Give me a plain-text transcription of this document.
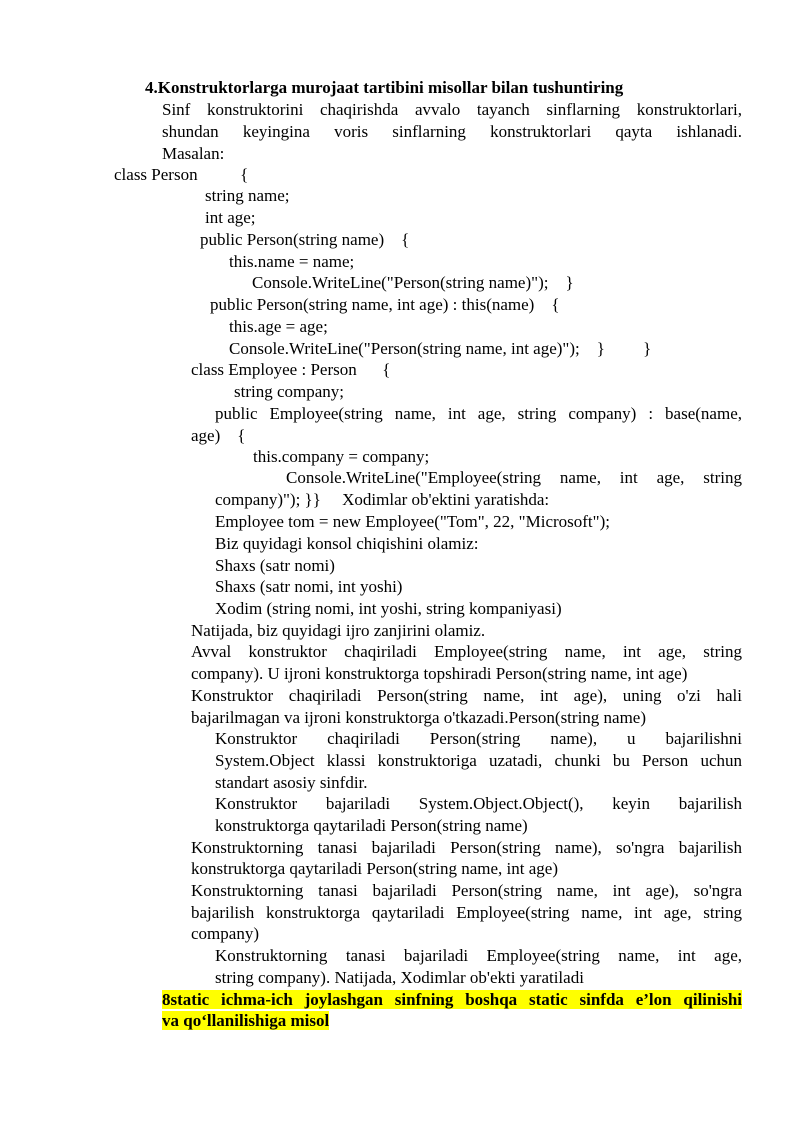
4.Konstruktorlarga murojaat tartibini misollar bilan tushuntiring
Sinf konstruktorini chaqirishda avvalo tayanch sinflarning konstruktorlari,
shundan keyingina voris sinflarning konstruktorlari qayta ishlanadi.
Masalan:
class Person          {
string name;
int age;
public Person(string name)    {
this.name = name;
Console.WriteLine("Person(string name)");    }
public Person(string name, int age) : this(name)    {
this.age = age;
Console.WriteLine("Person(string name, int age)");    }         }
class Employee : Person      {
string company;
public Employee(string name, int age, string company) : base(name,
age)    {
this.company = company;
Console.WriteLine("Employee(string name, int age, string
company)"); }}     Xodimlar ob'ektini yaratishda:
Employee tom = new Employee("Tom", 22, "Microsoft");
Biz quyidagi konsol chiqishini olamiz:
Shaxs (satr nomi)
Shaxs (satr nomi, int yoshi)
Xodim (string nomi, int yoshi, string kompaniyasi)
Natijada, biz quyidagi ijro zanjirini olamiz.
Avval konstruktor chaqiriladi Employee(string name, int age, string
company). U ijroni konstruktorga topshiradi Person(string name, int age)
Konstruktor chaqiriladi Person(string name, int age), uning o'zi hali
bajarilmagan va ijroni konstruktorga o'tkazadi.Person(string name)
Konstruktor chaqiriladi Person(string name), u bajarilishni
System.Object klassi konstruktoriga uzatadi, chunki bu Person uchun
standart asosiy sinfdir.
Konstruktor bajariladi System.Object.Object(), keyin bajarilish
konstruktorga qaytariladi Person(string name)
Konstruktorning tanasi bajariladi Person(string name), so'ngra bajarilish
konstruktorga qaytariladi Person(string name, int age)
Konstruktorning tanasi bajariladi Person(string name, int age), so'ngra
bajarilish konstruktorga qaytariladi Employee(string name, int age, string
company)
Konstruktorning tanasi bajariladi Employee(string name, int age,
string company). Natijada, Xodimlar ob'ekti yaratiladi
8static ichma-ich joylashgan sinfning boshqa static sinfda e’lon qilinishi
va qo‘llanilishiga misol
